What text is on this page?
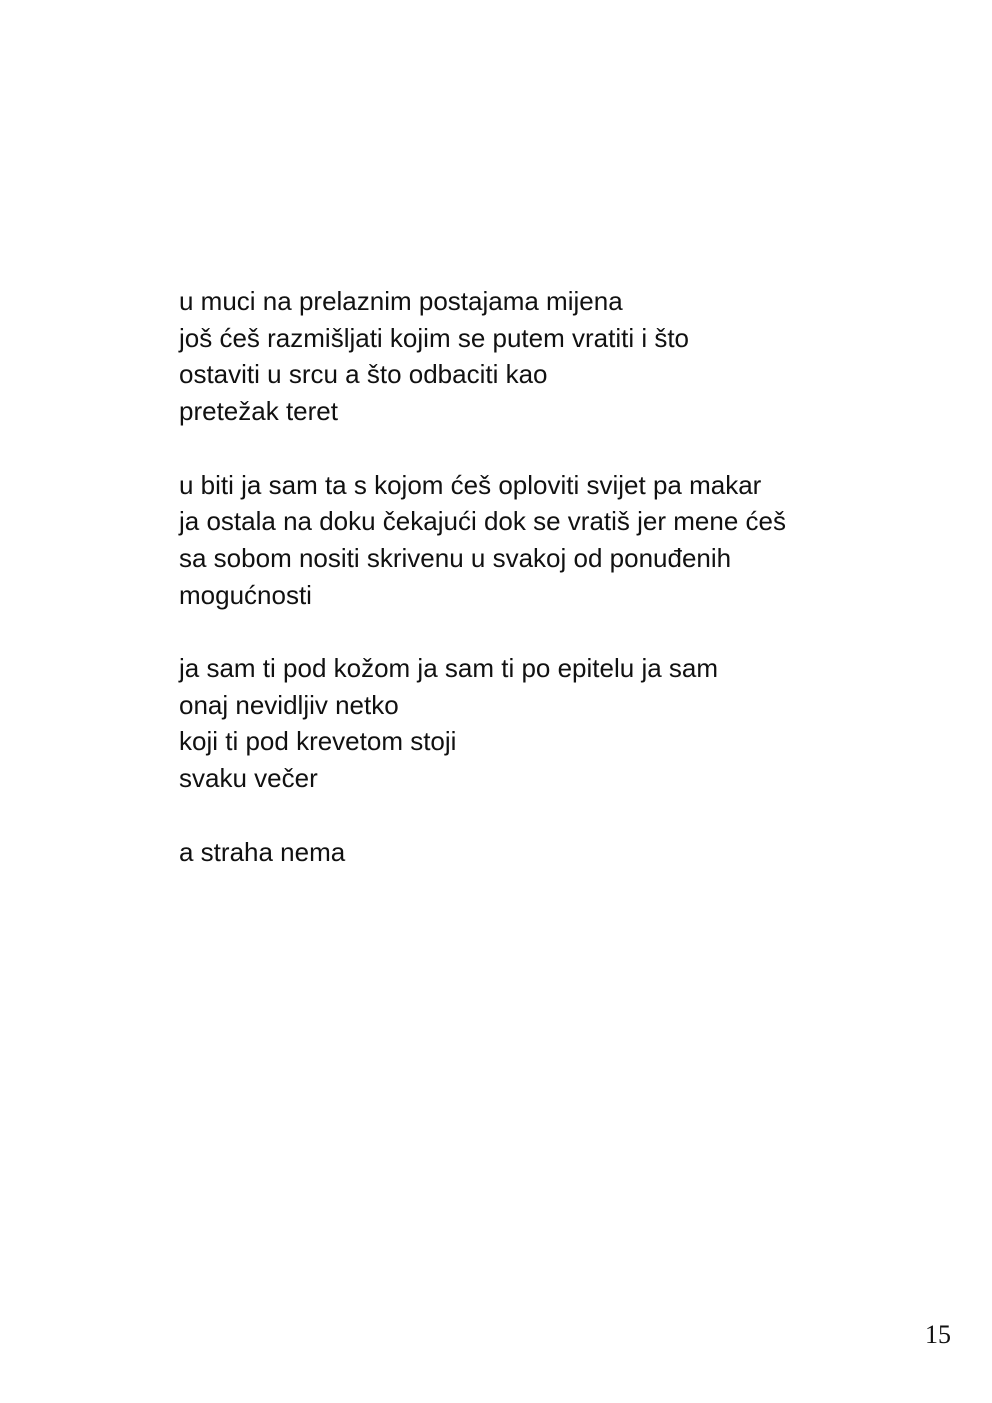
u muci na prelaznim postajama mijena
još ćeš razmišljati kojim se putem vratiti i što
ostaviti u srcu a što odbaciti kao
pretežak teret
u biti ja sam ta s kojom ćeš oploviti svijet pa makar
ja ostala na doku čekajući dok se vratiš jer mene ćeš
sa sobom nositi skrivenu u svakoj od ponuđenih
mogućnosti
ja sam ti pod kožom ja sam ti po epitelu ja sam
onaj nevidljiv netko
koji ti pod krevetom stoji
svaku večer
a straha nema
15
